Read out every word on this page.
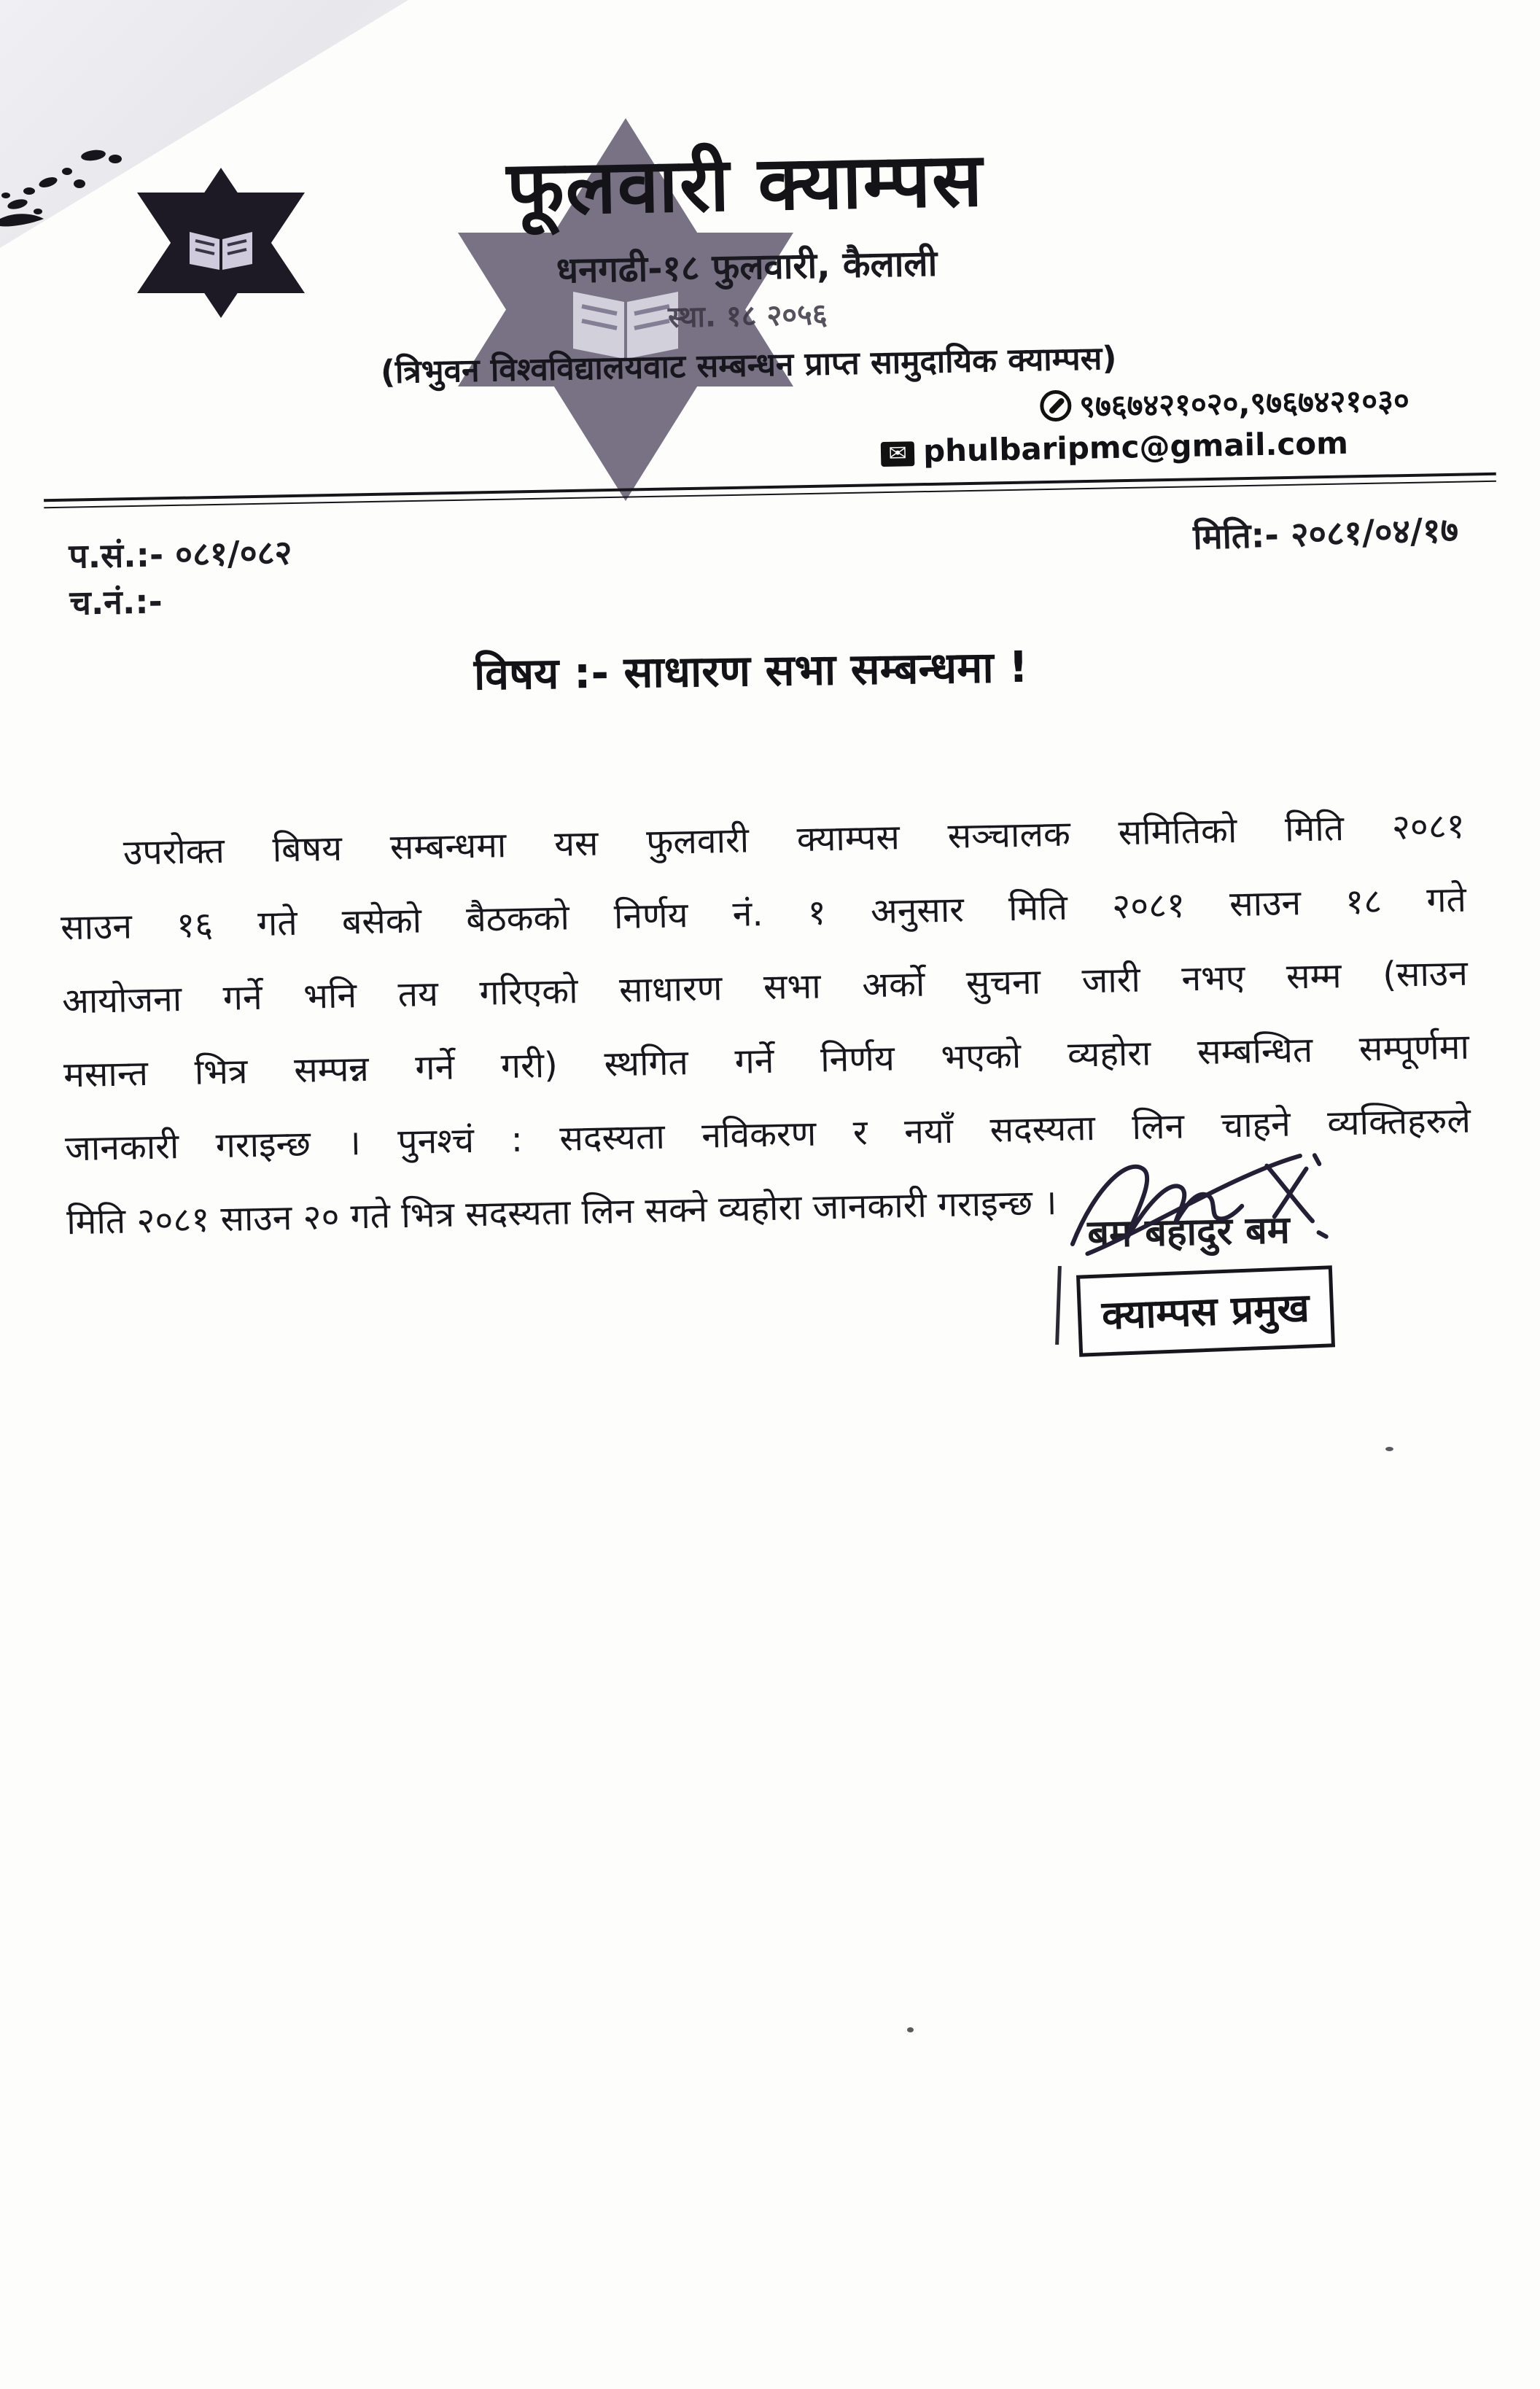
फूलवारी क्याम्पस
धनगढी-१८ फुलवारी, कैलाली
स्था. १८ २०५६
(त्रिभुवन विश्वविद्यालयवाट सम्बन्धन प्राप्त सामुदायिक क्याम्पस)
९७६७४२१०२०,९७६७४२१०३०
✉ phulbaripmc@gmail.com
प.सं.:- ०८१/०८२
च.नं.:-
मिति:- २०८१/०४/१७
विषय :- साधारण सभा सम्बन्धमा !
उपरोक्त बिषय सम्बन्धमा यस फुलवारी क्याम्पस सञ्चालक समितिको मिति २०८१
साउन १६ गते बसेको बैठकको निर्णय नं. १ अनुसार मिति २०८१ साउन १८ गते
आयोजना गर्ने भनि तय गरिएको साधारण सभा अर्को सुचना जारी नभए सम्म (साउन
मसान्त भित्र सम्पन्न गर्ने गरी) स्थगित गर्ने निर्णय भएको व्यहोरा सम्बन्धित सम्पूर्णमा
जानकारी गराइन्छ । पुनश्चं : सदस्यता नविकरण र नयाँ सदस्यता लिन चाहने व्यक्तिहरुले
मिति २०८१ साउन २० गते भित्र सदस्यता लिन सक्ने व्यहोरा जानकारी गराइन्छ । बम बहादुर बम
क्याम्पस प्रमुख
